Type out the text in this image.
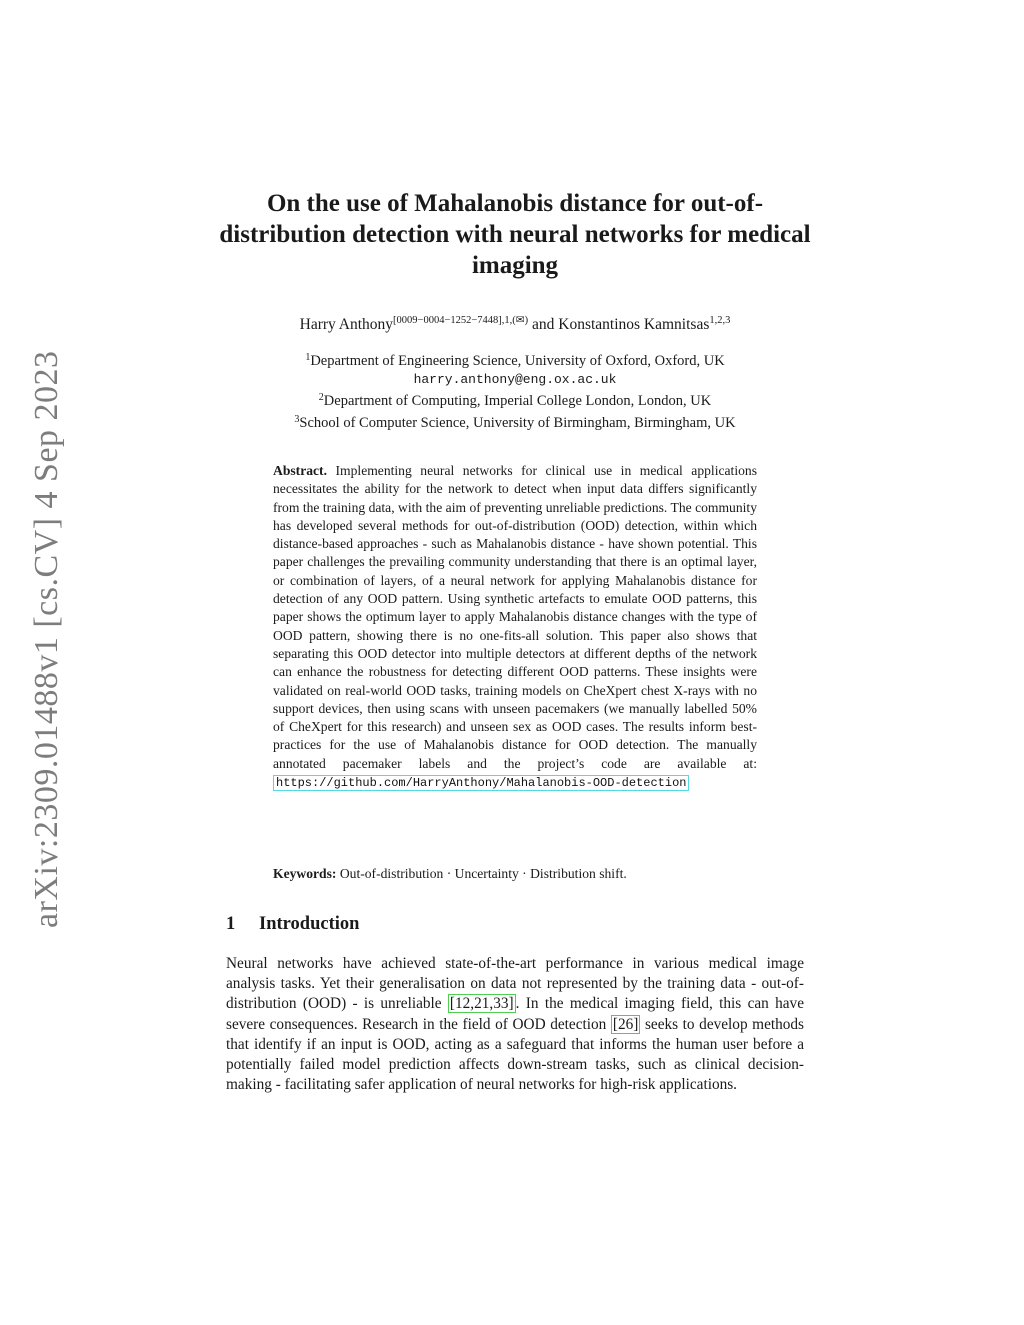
arXiv:2309.01488v1 [cs.CV] 4 Sep 2023
On the use of Mahalanobis distance for out-of-distribution detection with neural networks for medical imaging
Harry Anthony$^{[0009-0004-1252-7448],1,(✉)}$ and Konstantinos Kamnitsas$^{1,2,3}$
$^1$Department of Engineering Science, University of Oxford, Oxford, UK
harry.anthony@eng.ox.ac.uk
$^2$Department of Computing, Imperial College London, London, UK
$^3$School of Computer Science, University of Birmingham, Birmingham, UK
Abstract. Implementing neural networks for clinical use in medical applications necessitates the ability for the network to detect when input data differs significantly from the training data, with the aim of preventing unreliable predictions. The community has developed several methods for out-of-distribution (OOD) detection, within which distance-based approaches - such as Mahalanobis distance - have shown potential. This paper challenges the prevailing community understanding that there is an optimal layer, or combination of layers, of a neural network for applying Mahalanobis distance for detection of any OOD pattern. Using synthetic artefacts to emulate OOD patterns, this paper shows the optimum layer to apply Mahalanobis distance changes with the type of OOD pattern, showing there is no one-fits-all solution. This paper also shows that separating this OOD detector into multiple detectors at different depths of the network can enhance the robustness for detecting different OOD patterns. These insights were validated on real-world OOD tasks, training models on CheXpert chest X-rays with no support devices, then using scans with unseen pacemakers (we manually labelled 50% of CheXpert for this research) and unseen sex as OOD cases. The results inform best-practices for the use of Mahalanobis distance for OOD detection. The manually annotated pacemaker labels and the project’s code are available at: https://github.com/HarryAnthony/Mahalanobis-OOD-detection
Keywords: Out-of-distribution · Uncertainty · Distribution shift.
1 Introduction
Neural networks have achieved state-of-the-art performance in various medical image analysis tasks. Yet their generalisation on data not represented by the training data - out-of-distribution (OOD) - is unreliable [12,21,33] . In the medical imaging field, this can have severe consequences. Research in the field of OOD detection [26] seeks to develop methods that identify if an input is OOD, acting as a safeguard that informs the human user before a potentially failed model prediction affects down-stream tasks, such as clinical decision-making - facilitating safer application of neural networks for high-risk applications.
